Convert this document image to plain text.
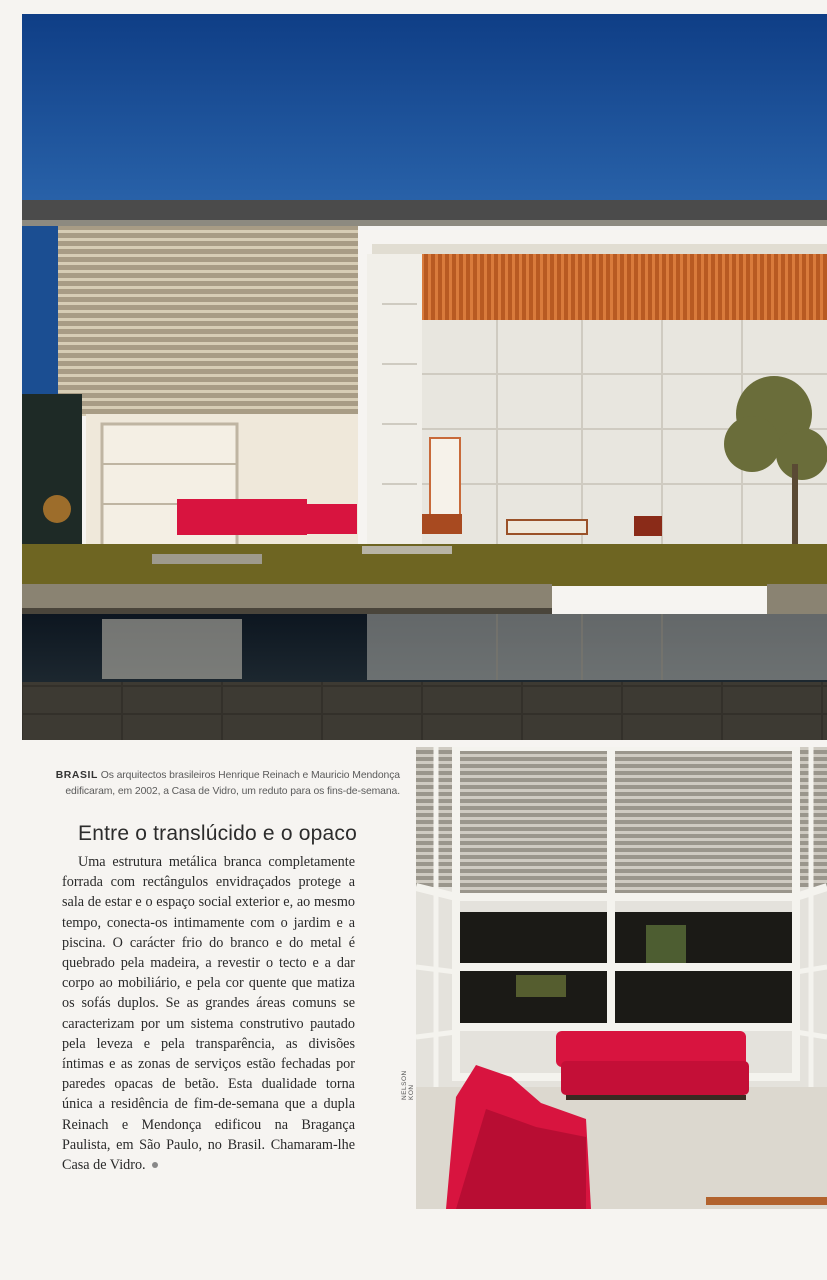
BRASIL Os arquitectos brasileiros Henrique Reinach e Mauricio Mendonça edificaram, em 2002, a Casa de Vidro, um reduto para os fins-de-semana.

NELSON KON
Entre o translúcido e o opaco

Uma estrutura metálica branca completamente forrada com rectângulos envidraçados protege a sala de estar e o espaço social exterior e, ao mesmo tempo, conecta-os intimamente com o jardim e a piscina. O carácter frio do branco e do metal é quebrado pela madeira, a revestir o tecto e a dar corpo ao mobiliário, e pela cor quente que matiza os sofás duplos. Se as grandes áreas comuns se caracterizam por um sistema construtivo pautado pela leveza e pela transparência, as divisões íntimas e as zonas de serviços estão fechadas por paredes opacas de betão. Esta dualidade torna única a residência de fim-de-semana que a dupla Reinach e Mendonça edificou na Bragança Paulista, em São Paulo, no Brasil. Chamaram-lhe Casa de Vidro.
